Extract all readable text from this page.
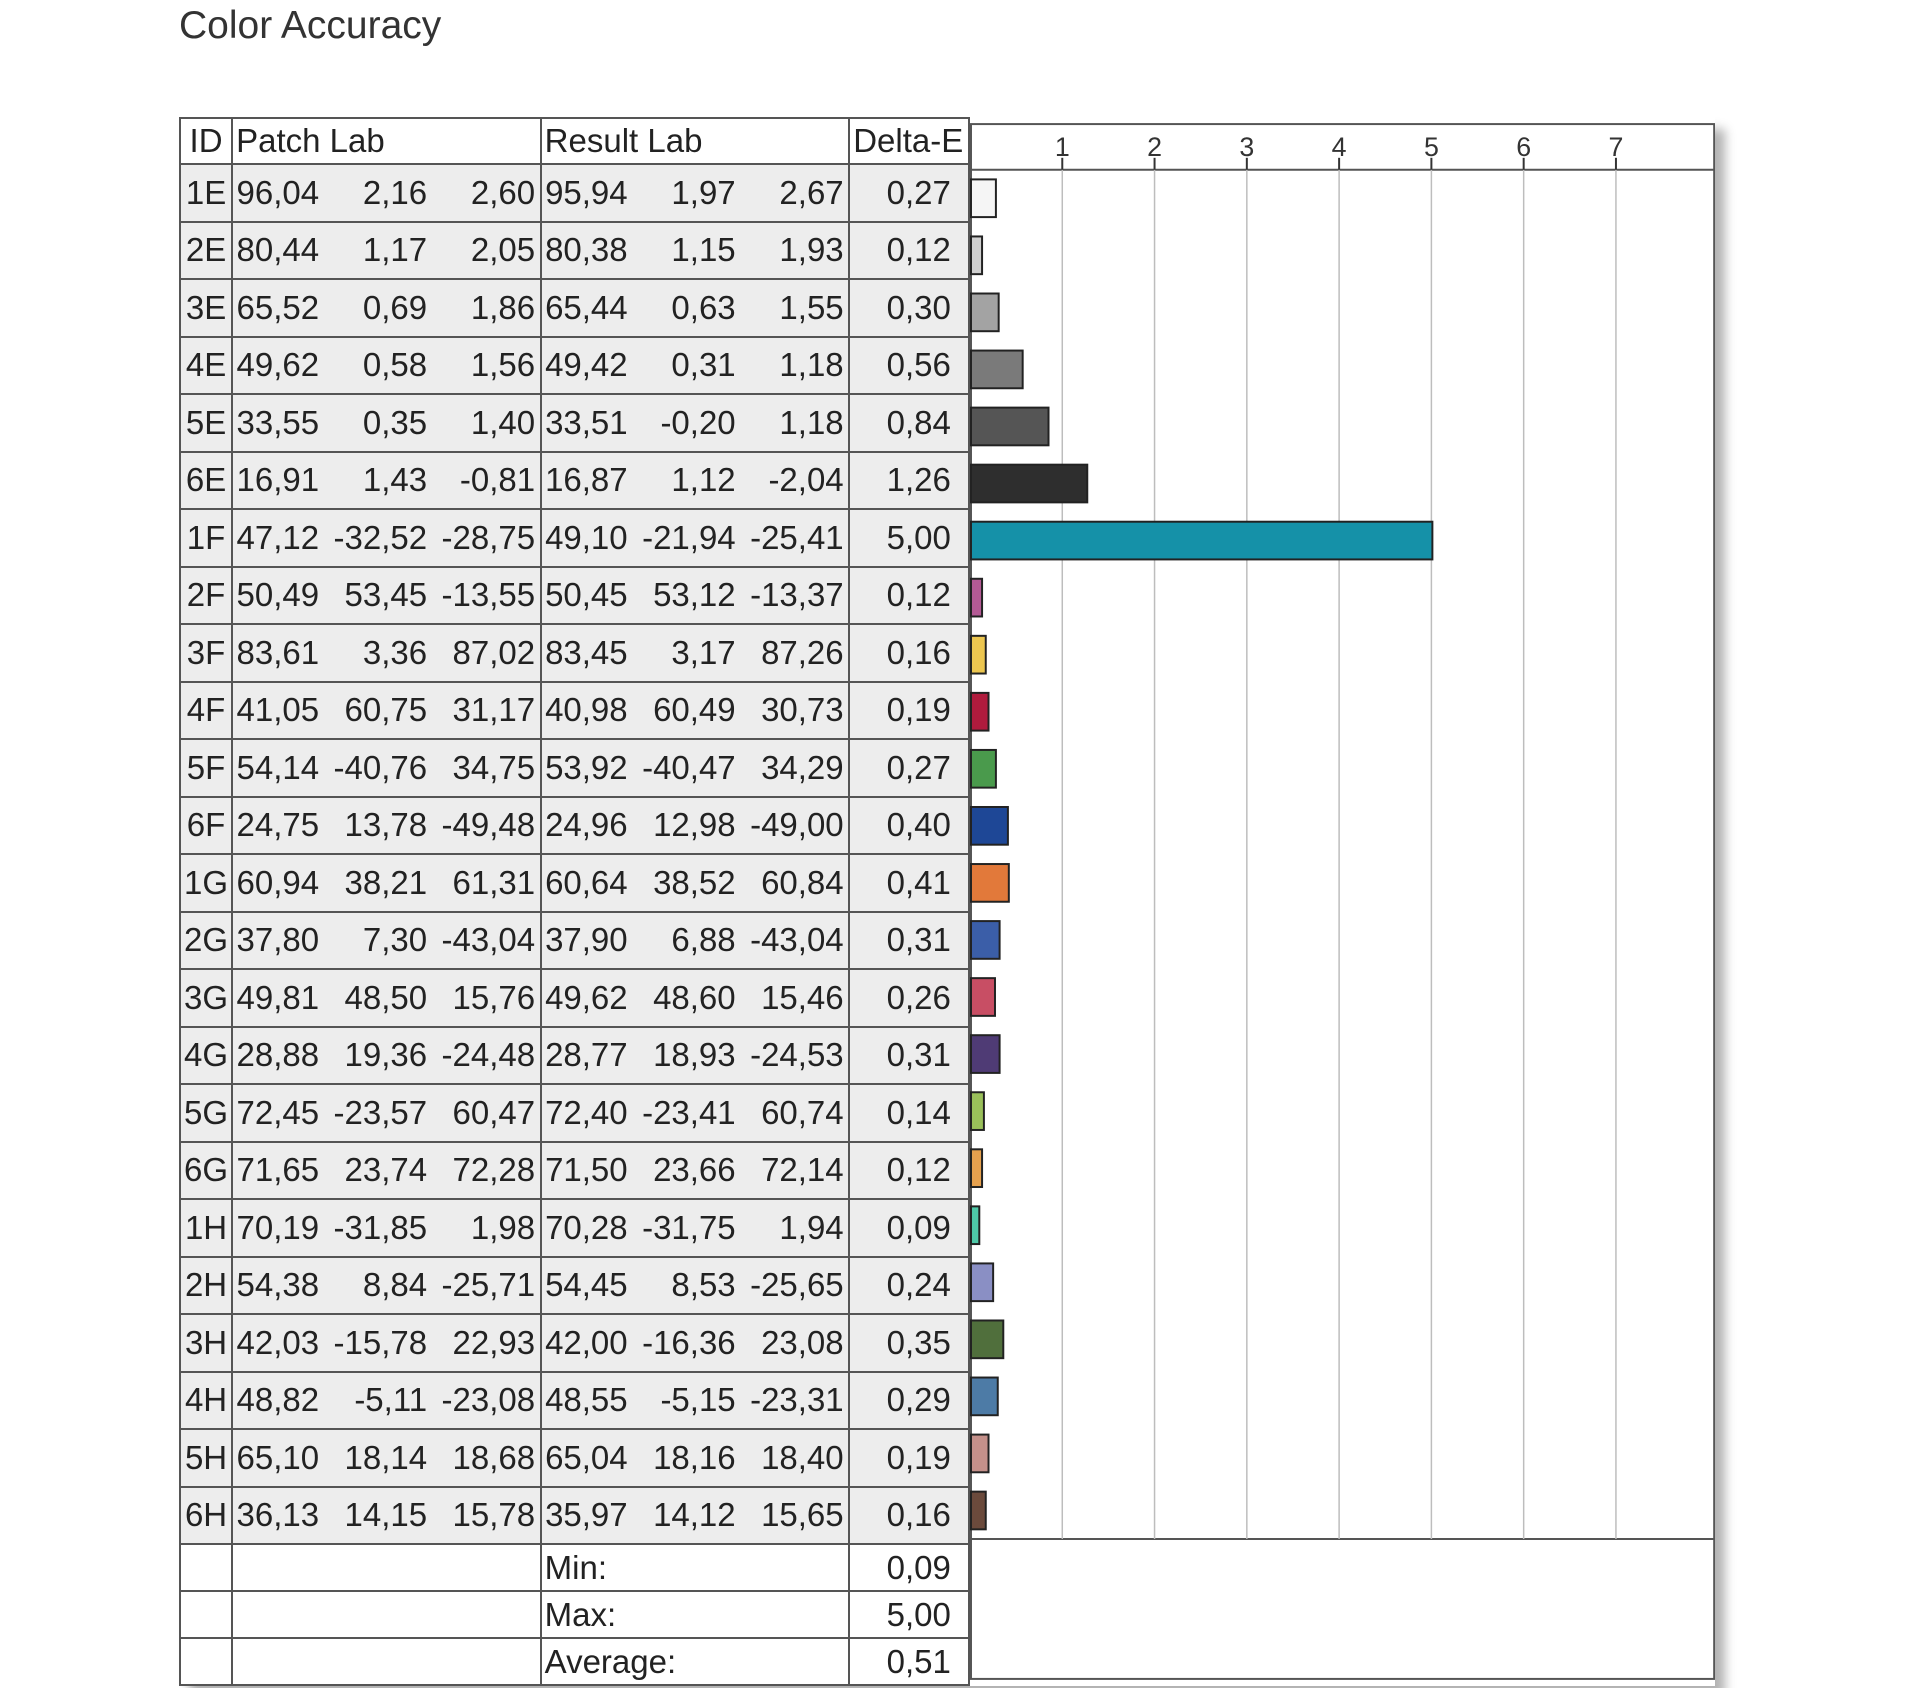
Color Accuracy
ID	Patch Lab	Result Lab	Delta-E
1E	96,04 2,16 2,60	95,94 1,97 2,67	0,27
2E	80,44 1,17 2,05	80,38 1,15 1,93	0,12
3E	65,52 0,69 1,86	65,44 0,63 1,55	0,30
4E	49,62 0,58 1,56	49,42 0,31 1,18	0,56
5E	33,55 0,35 1,40	33,51 -0,20 1,18	0,84
6E	16,91 1,43 -0,81	16,87 1,12 -2,04	1,26
1F	47,12 -32,52 -28,75	49,10 -21,94 -25,41	5,00
2F	50,49 53,45 -13,55	50,45 53,12 -13,37	0,12
3F	83,61 3,36 87,02	83,45 3,17 87,26	0,16
4F	41,05 60,75 31,17	40,98 60,49 30,73	0,19
5F	54,14 -40,76 34,75	53,92 -40,47 34,29	0,27
6F	24,75 13,78 -49,48	24,96 12,98 -49,00	0,40
1G	60,94 38,21 61,31	60,64 38,52 60,84	0,41
2G	37,80 7,30 -43,04	37,90 6,88 -43,04	0,31
3G	49,81 48,50 15,76	49,62 48,60 15,46	0,26
4G	28,88 19,36 -24,48	28,77 18,93 -24,53	0,31
5G	72,45 -23,57 60,47	72,40 -23,41 60,74	0,14
6G	71,65 23,74 72,28	71,50 23,66 72,14	0,12
1H	70,19 -31,85 1,98	70,28 -31,75 1,94	0,09
2H	54,38 8,84 -25,71	54,45 8,53 -25,65	0,24
3H	42,03 -15,78 22,93	42,00 -16,36 23,08	0,35
4H	48,82 -5,11 -23,08	48,55 -5,15 -23,31	0,29
5H	65,10 18,14 18,68	65,04 18,16 18,40	0,19
6H	36,13 14,15 15,78	35,97 14,12 15,65	0,16
		Min:	0,09
		Max:	5,00
		Average:	0,51
1	2	3	4	5	6	7
